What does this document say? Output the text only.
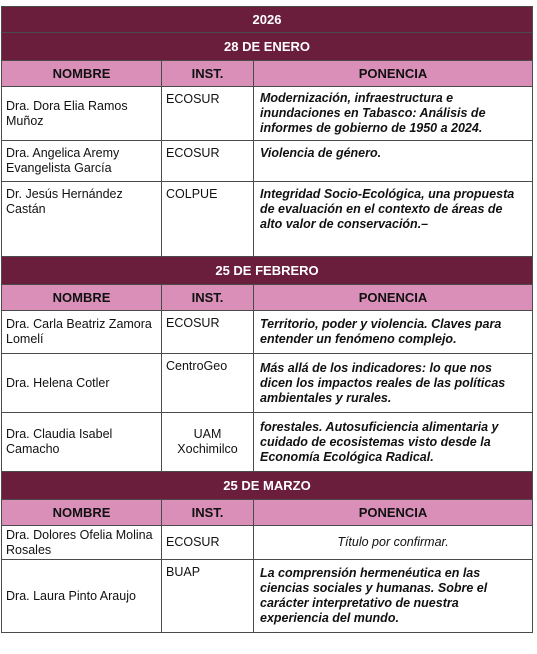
2026		
28 DE ENERO		
NOMBRE	INST.	PONENCIA
Dra. Dora Elia Ramos Muñoz	ECOSUR	Modernización, infraestructura e inundaciones en Tabasco: Análisis de informes de gobierno de 1950 a 2024.
Dra. Angelica Aremy Evangelista García	ECOSUR	Violencia de género.
Dr. Jesús Hernández Castán	COLPUE	Integridad Socio-Ecológica, una propuesta de evaluación en el contexto de áreas de alto valor de conservación.–
25 DE FEBRERO		
NOMBRE	INST.	PONENCIA
Dra. Carla Beatriz Zamora Lomelí	ECOSUR	Territorio, poder y violencia. Claves para entender un fenómeno complejo.
Dra. Helena Cotler	CentroGeo	Más allá de los indicadores: lo que nos dicen los impactos reales de las políticas ambientales y rurales.
Dra. Claudia Isabel Camacho	UAM Xochimilco	forestales. Autosuficiencia alimentaria y cuidado de ecosistemas visto desde la Economía Ecológica Radical.
25 DE MARZO		
NOMBRE	INST.	PONENCIA
Dra. Dolores Ofelia Molina Rosales	ECOSUR	Título por confirmar.
Dra. Laura Pinto Araujo	BUAP	La comprensión hermenéutica en las ciencias sociales y humanas. Sobre el carácter interpretativo de nuestra experiencia del mundo.
